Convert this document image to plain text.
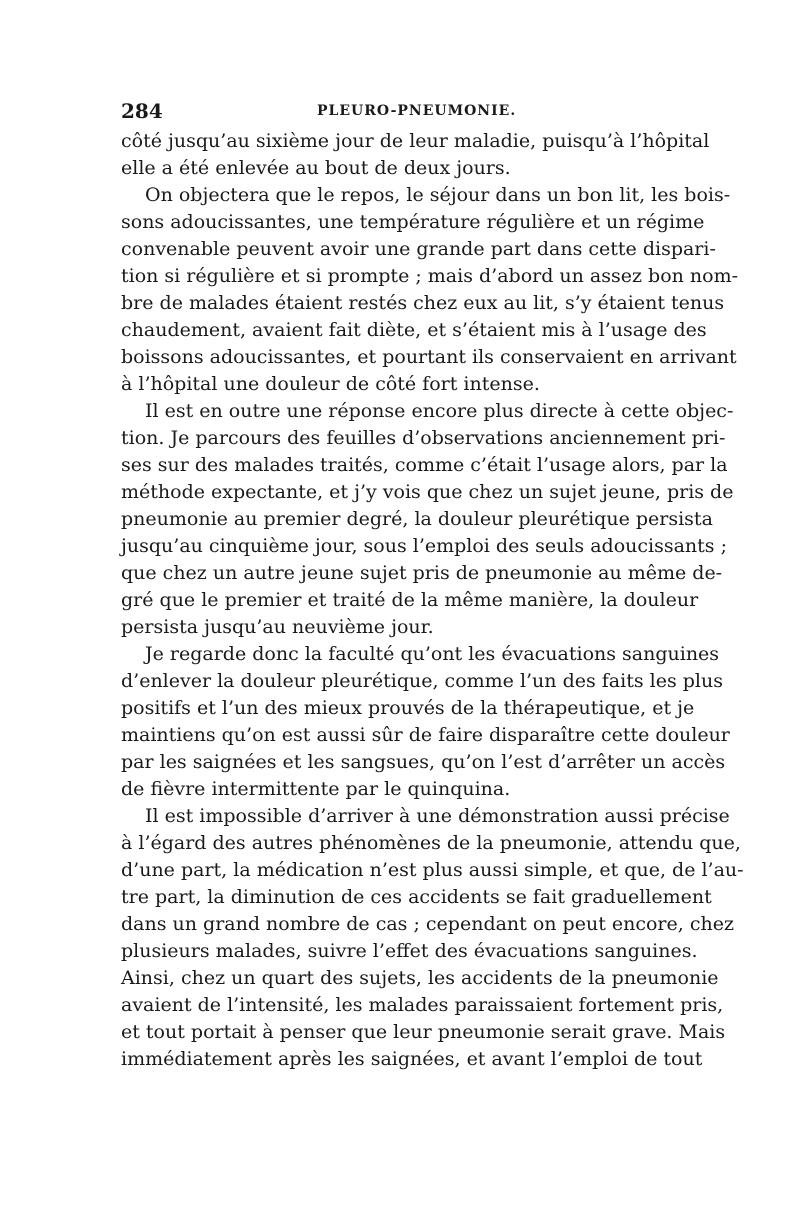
284	PLEURO-PNEUMONIE.
côté jusqu’au sixième jour de leur maladie, puisqu’à l’hôpital
elle a été enlevée au bout de deux jours.
On objectera que le repos, le séjour dans un bon lit, les bois-
sons adoucissantes, une température régulière et un régime
convenable peuvent avoir une grande part dans cette dispari-
tion si régulière et si prompte ; mais d’abord un assez bon nom-
bre de malades étaient restés chez eux au lit, s’y étaient tenus
chaudement, avaient fait diète, et s’étaient mis à l’usage des
boissons adoucissantes, et pourtant ils conservaient en arrivant
à l’hôpital une douleur de côté fort intense.
Il est en outre une réponse encore plus directe à cette objec-
tion. Je parcours des feuilles d’observations anciennement pri-
ses sur des malades traités, comme c’était l’usage alors, par la
méthode expectante, et j’y vois que chez un sujet jeune, pris de
pneumonie au premier degré, la douleur pleurétique persista
jusqu’au cinquième jour, sous l’emploi des seuls adoucissants ;
que chez un autre jeune sujet pris de pneumonie au même de-
gré que le premier et traité de la même manière, la douleur
persista jusqu’au neuvième jour.
Je regarde donc la faculté qu’ont les évacuations sanguines
d’enlever la douleur pleurétique, comme l’un des faits les plus
positifs et l’un des mieux prouvés de la thérapeutique, et je
maintiens qu’on est aussi sûr de faire disparaître cette douleur
par les saignées et les sangsues, qu’on l’est d’arrêter un accès
de fièvre intermittente par le quinquina.
Il est impossible d’arriver à une démonstration aussi précise
à l’égard des autres phénomènes de la pneumonie, attendu que,
d’une part, la médication n’est plus aussi simple, et que, de l’au-
tre part, la diminution de ces accidents se fait graduellement
dans un grand nombre de cas ; cependant on peut encore, chez
plusieurs malades, suivre l’effet des évacuations sanguines.
Ainsi, chez un quart des sujets, les accidents de la pneumonie
avaient de l’intensité, les malades paraissaient fortement pris,
et tout portait à penser que leur pneumonie serait grave. Mais
immédiatement après les saignées, et avant l’emploi de tout
